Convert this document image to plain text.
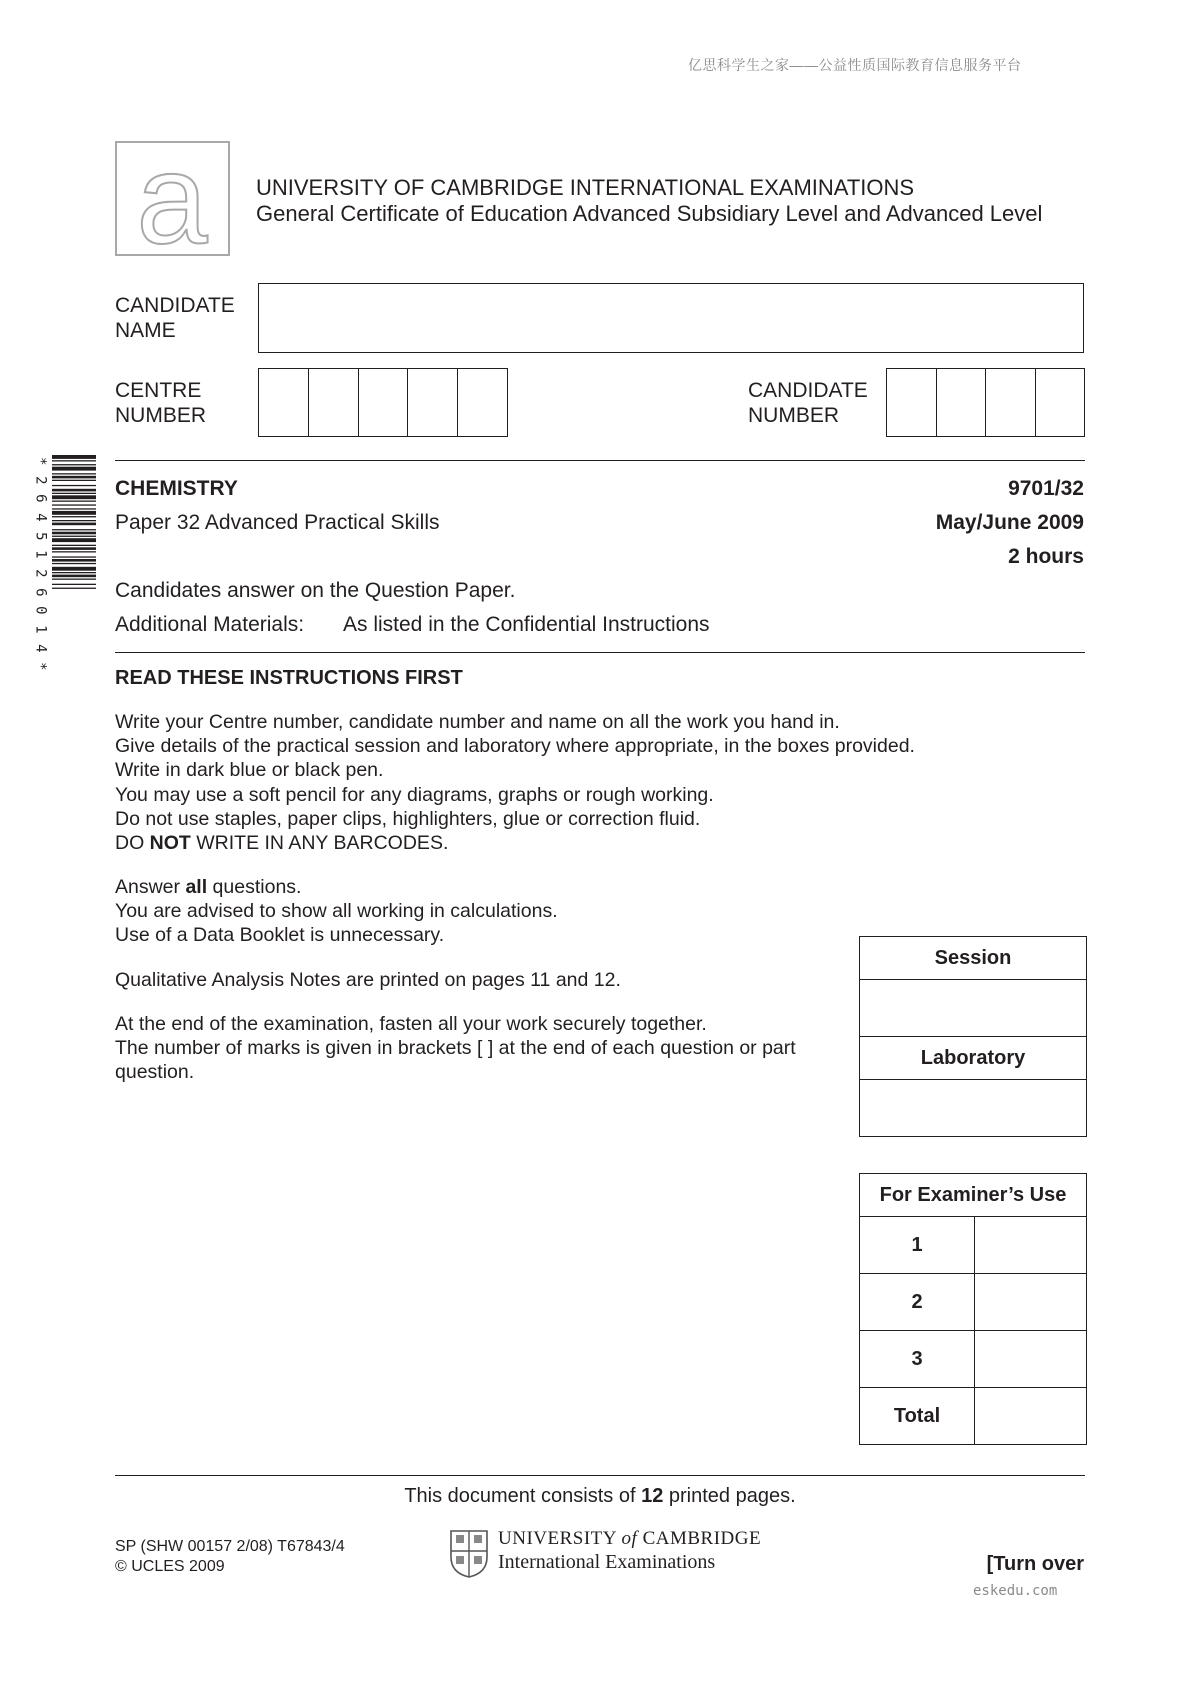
亿思科学生之家——公益性质国际教育信息服务平台
a UNIVERSITY OF CAMBRIDGE INTERNATIONAL EXAMINATIONS
General Certificate of Education Advanced Subsidiary Level and Advanced Level
CANDIDATE
NAME
CENTRE
NUMBER
CANDIDATE
NUMBER
*
2
6
4
5
1
2
6
0
1
4
*
CHEMISTRY	9701/32
Paper 32 Advanced Practical Skills	May/June 2009
2 hours
Candidates answer on the Question Paper.
Additional Materials: As listed in the Confidential Instructions
READ THESE INSTRUCTIONS FIRST
Write your Centre number, candidate number and name on all the work you hand in.
Give details of the practical session and laboratory where appropriate, in the boxes provided.
Write in dark blue or black pen.
You may use a soft pencil for any diagrams, graphs or rough working.
Do not use staples, paper clips, highlighters, glue or correction fluid.
DO NOT WRITE IN ANY BARCODES.
Answer all questions.
You are advised to show all working in calculations.
Use of a Data Booklet is unnecessary.
Qualitative Analysis Notes are printed on pages 11 and 12.
At the end of the examination, fasten all your work securely together.
The number of marks is given in brackets [ ] at the end of each question or part
question.
Session

Laboratory

For Examiner’s Use	
1	
2	
3	
Total	
This document consists of 12 printed pages.
SP (SHW 00157 2/08) T67843/4
© UCLES 2009
UNIVERSITY of CAMBRIDGE
International Examinations	[Turn over
eskedu.com
